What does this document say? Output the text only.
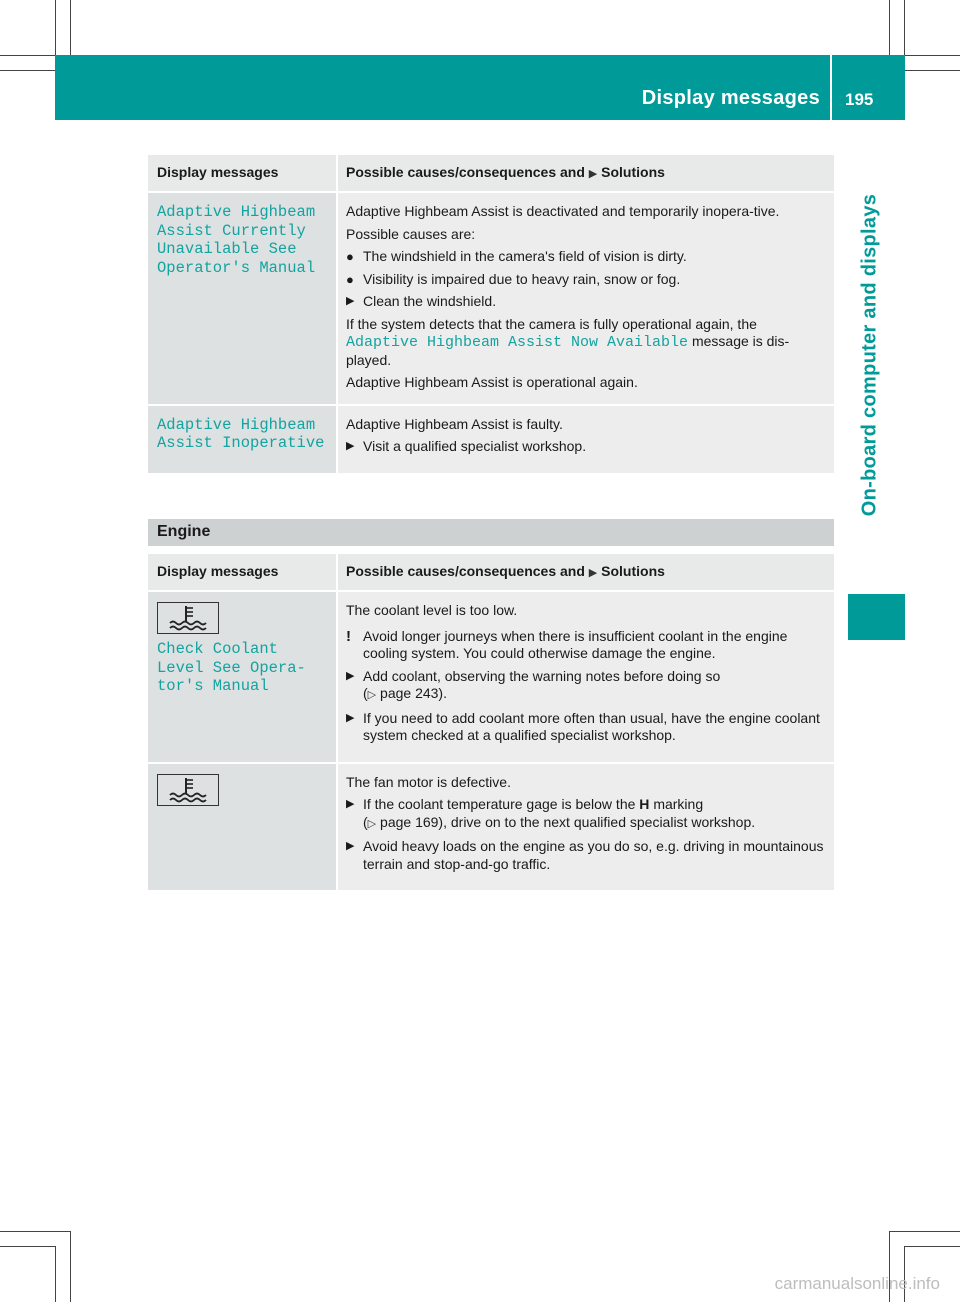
Display messages 195
On-board computer and displays
Display messages	Possible causes/consequences and ▶ Solutions
Adaptive Highbeam
Assist Currently
Unavailable See
Operator's Manual

Adaptive Highbeam Assist is deactivated and temporarily inopera-tive.

Possible causes are:

● The windshield in the camera's field of vision is dirty.
● Visibility is impaired due to heavy rain, snow or fog.
▶ Clean the windshield.

If the system detects that the camera is fully operational again, the Adaptive Highbeam Assist Now Available message is dis-played.

Adaptive Highbeam Assist is operational again.

Adaptive Highbeam
Assist Inoperative

Adaptive Highbeam Assist is faulty.

▶ Visit a qualified specialist workshop.
Engine
Display messages	Possible causes/consequences and ▶ Solutions
Check Coolant
Level See Opera-
tor's Manual

The coolant level is too low.

! Avoid longer journeys when there is insufficient coolant in the engine cooling system. You could otherwise damage the engine.
▶ Add coolant, observing the warning notes before doing so
(▷ page 243).
▶ If you need to add coolant more often than usual, have the engine coolant system checked at a qualified specialist workshop.

The fan motor is defective.

▶ If the coolant temperature gage is below the H marking
(▷ page 169), drive on to the next qualified specialist workshop.
▶ Avoid heavy loads on the engine as you do so, e.g. driving in mountainous terrain and stop-and-go traffic.
carmanualsonline.info
